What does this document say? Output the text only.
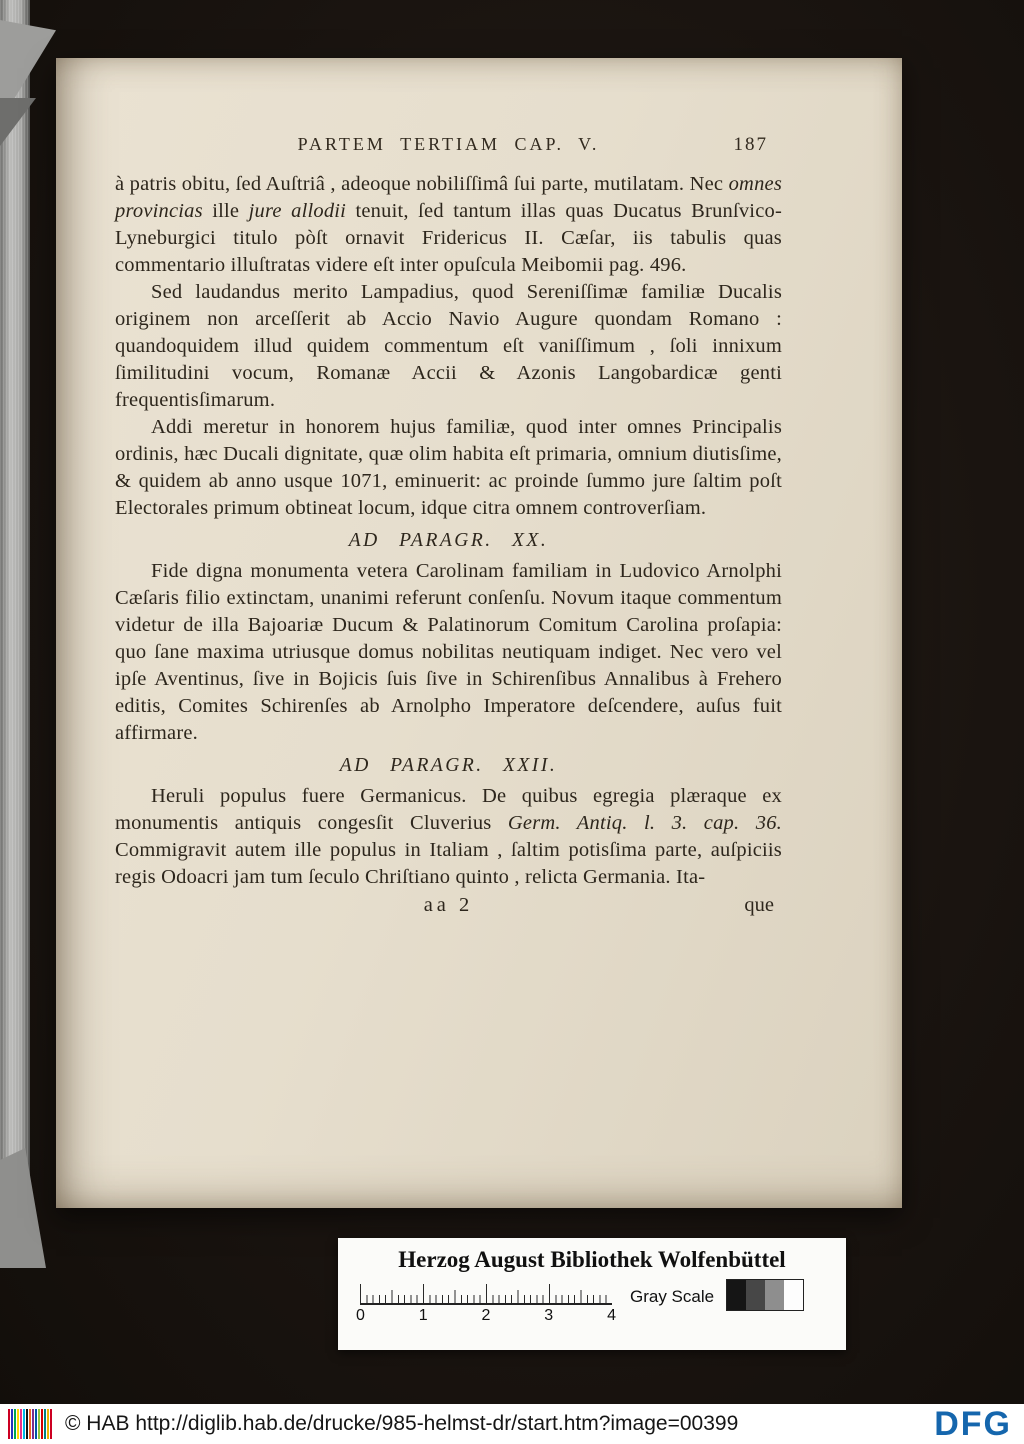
PARTEM TERTIAM CAP. V.	187

à patris obitu, ſed Auſtriâ , adeoque nobiliſſimâ ſui parte, mutilatam. Nec omnes provincias ille jure allodii tenuit, ſed tantum illas quas Ducatus Brunſvico-Lyneburgici titulo pòſt ornavit Fridericus II. Cæſar, iis tabulis quas commentario illuſtratas videre eſt inter opuſcula Meibomii pag. 496.

Sed laudandus merito Lampadius, quod Sereniſſimæ familiæ Ducalis originem non arceſſerit ab Accio Navio Augure quondam Romano : quandoquidem illud quidem commentum eſt vaniſſimum , ſoli innixum ſimilitudini vocum, Romanæ Accii & Azonis Langobardicæ genti frequentisſimarum.

Addi meretur in honorem hujus familiæ, quod inter omnes Principalis ordinis, hæc Ducali dignitate, quæ olim habita eſt primaria, omnium diutisſime, & quidem ab anno usque 1071, eminuerit: ac proinde ſummo jure ſaltim poſt Electorales primum obtineat locum, idque citra omnem controverſiam.

AD PARAGR. XX.

Fide digna monumenta vetera Carolinam familiam in Ludovico Arnolphi Cæſaris filio extinctam, unanimi referunt conſenſu. Novum itaque commentum videtur de illa Bajoariæ Ducum & Palatinorum Comitum Carolina proſapia: quo ſane maxima utriusque domus nobilitas neutiquam indiget. Nec vero vel ipſe Aventinus, ſive in Bojicis ſuis ſive in Schirenſibus Annalibus à Frehero editis, Comites Schirenſes ab Arnolpho Imperatore deſcendere, auſus fuit affirmare.

AD PARAGR. XXII.

Heruli populus fuere Germanicus. De quibus egregia plæraque ex monumentis antiquis congesſit Cluverius Germ. Antiq. l. 3. cap. 36. Commigravit autem ille populus in Italiam , ſaltim potisſima parte, auſpiciis regis Odoacri jam tum ſeculo Chriſtiano quinto , relicta Germania. Ita-

aa 2	que
Herzog August Bibliothek Wolfenbüttel
0	1	2	3	4
Gray Scale
© HAB http://diglib.hab.de/drucke/985-helmst-dr/start.htm?image=00399	DFG
